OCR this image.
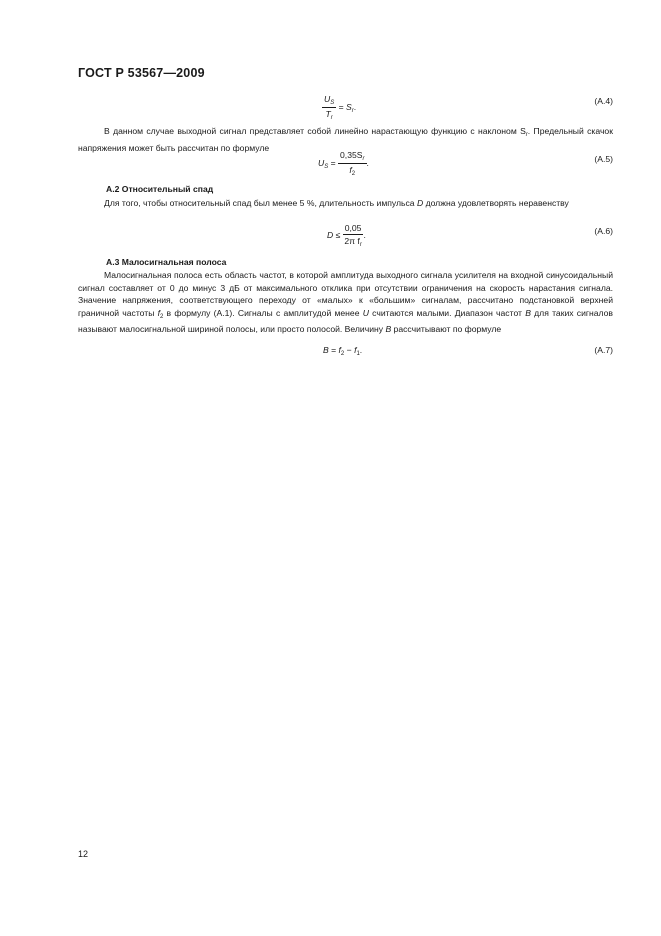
ГОСТ Р 53567—2009
$\frac{U_S}{T_r} = S_r$.
(A.4)
В данном случае выходной сигнал представляет собой линейно нарастающую функцию с наклоном $S_r$. Предельный скачок напряжения может быть рассчитан по формуле
$U_S = \frac{0,35S_r}{f_2}$ .	(A.5)
А.2 Относительный спад
Для того, чтобы относительный спад был менее 5 %, длительность импульса D должна удовлетворять неравенству
$D \le \frac{0,05}{2\pi f_r}$ .	(A.6)
А.3 Малосигнальная полоса
Малосигнальная полоса есть область частот, в которой амплитуда выходного сигнала усилителя на входной синусоидальный сигнал составляет от 0 до минус 3 дБ от максимального отклика при отсутствии ограничения на скорость нарастания сигнала. Значение напряжения, соответствующего переходу от «малых» к «большим» сигналам, рассчитано подстановкой верхней граничной частоты $f_2$ в формулу (А.1). Сигналы с амплитудой менее U считаются малыми. Диапазон частот B для таких сигналов называют малосигнальной шириной полосы, или просто полосой. Величину B рассчитывают по формуле
$B = f_2 - f_1$.	(A.7)
12
